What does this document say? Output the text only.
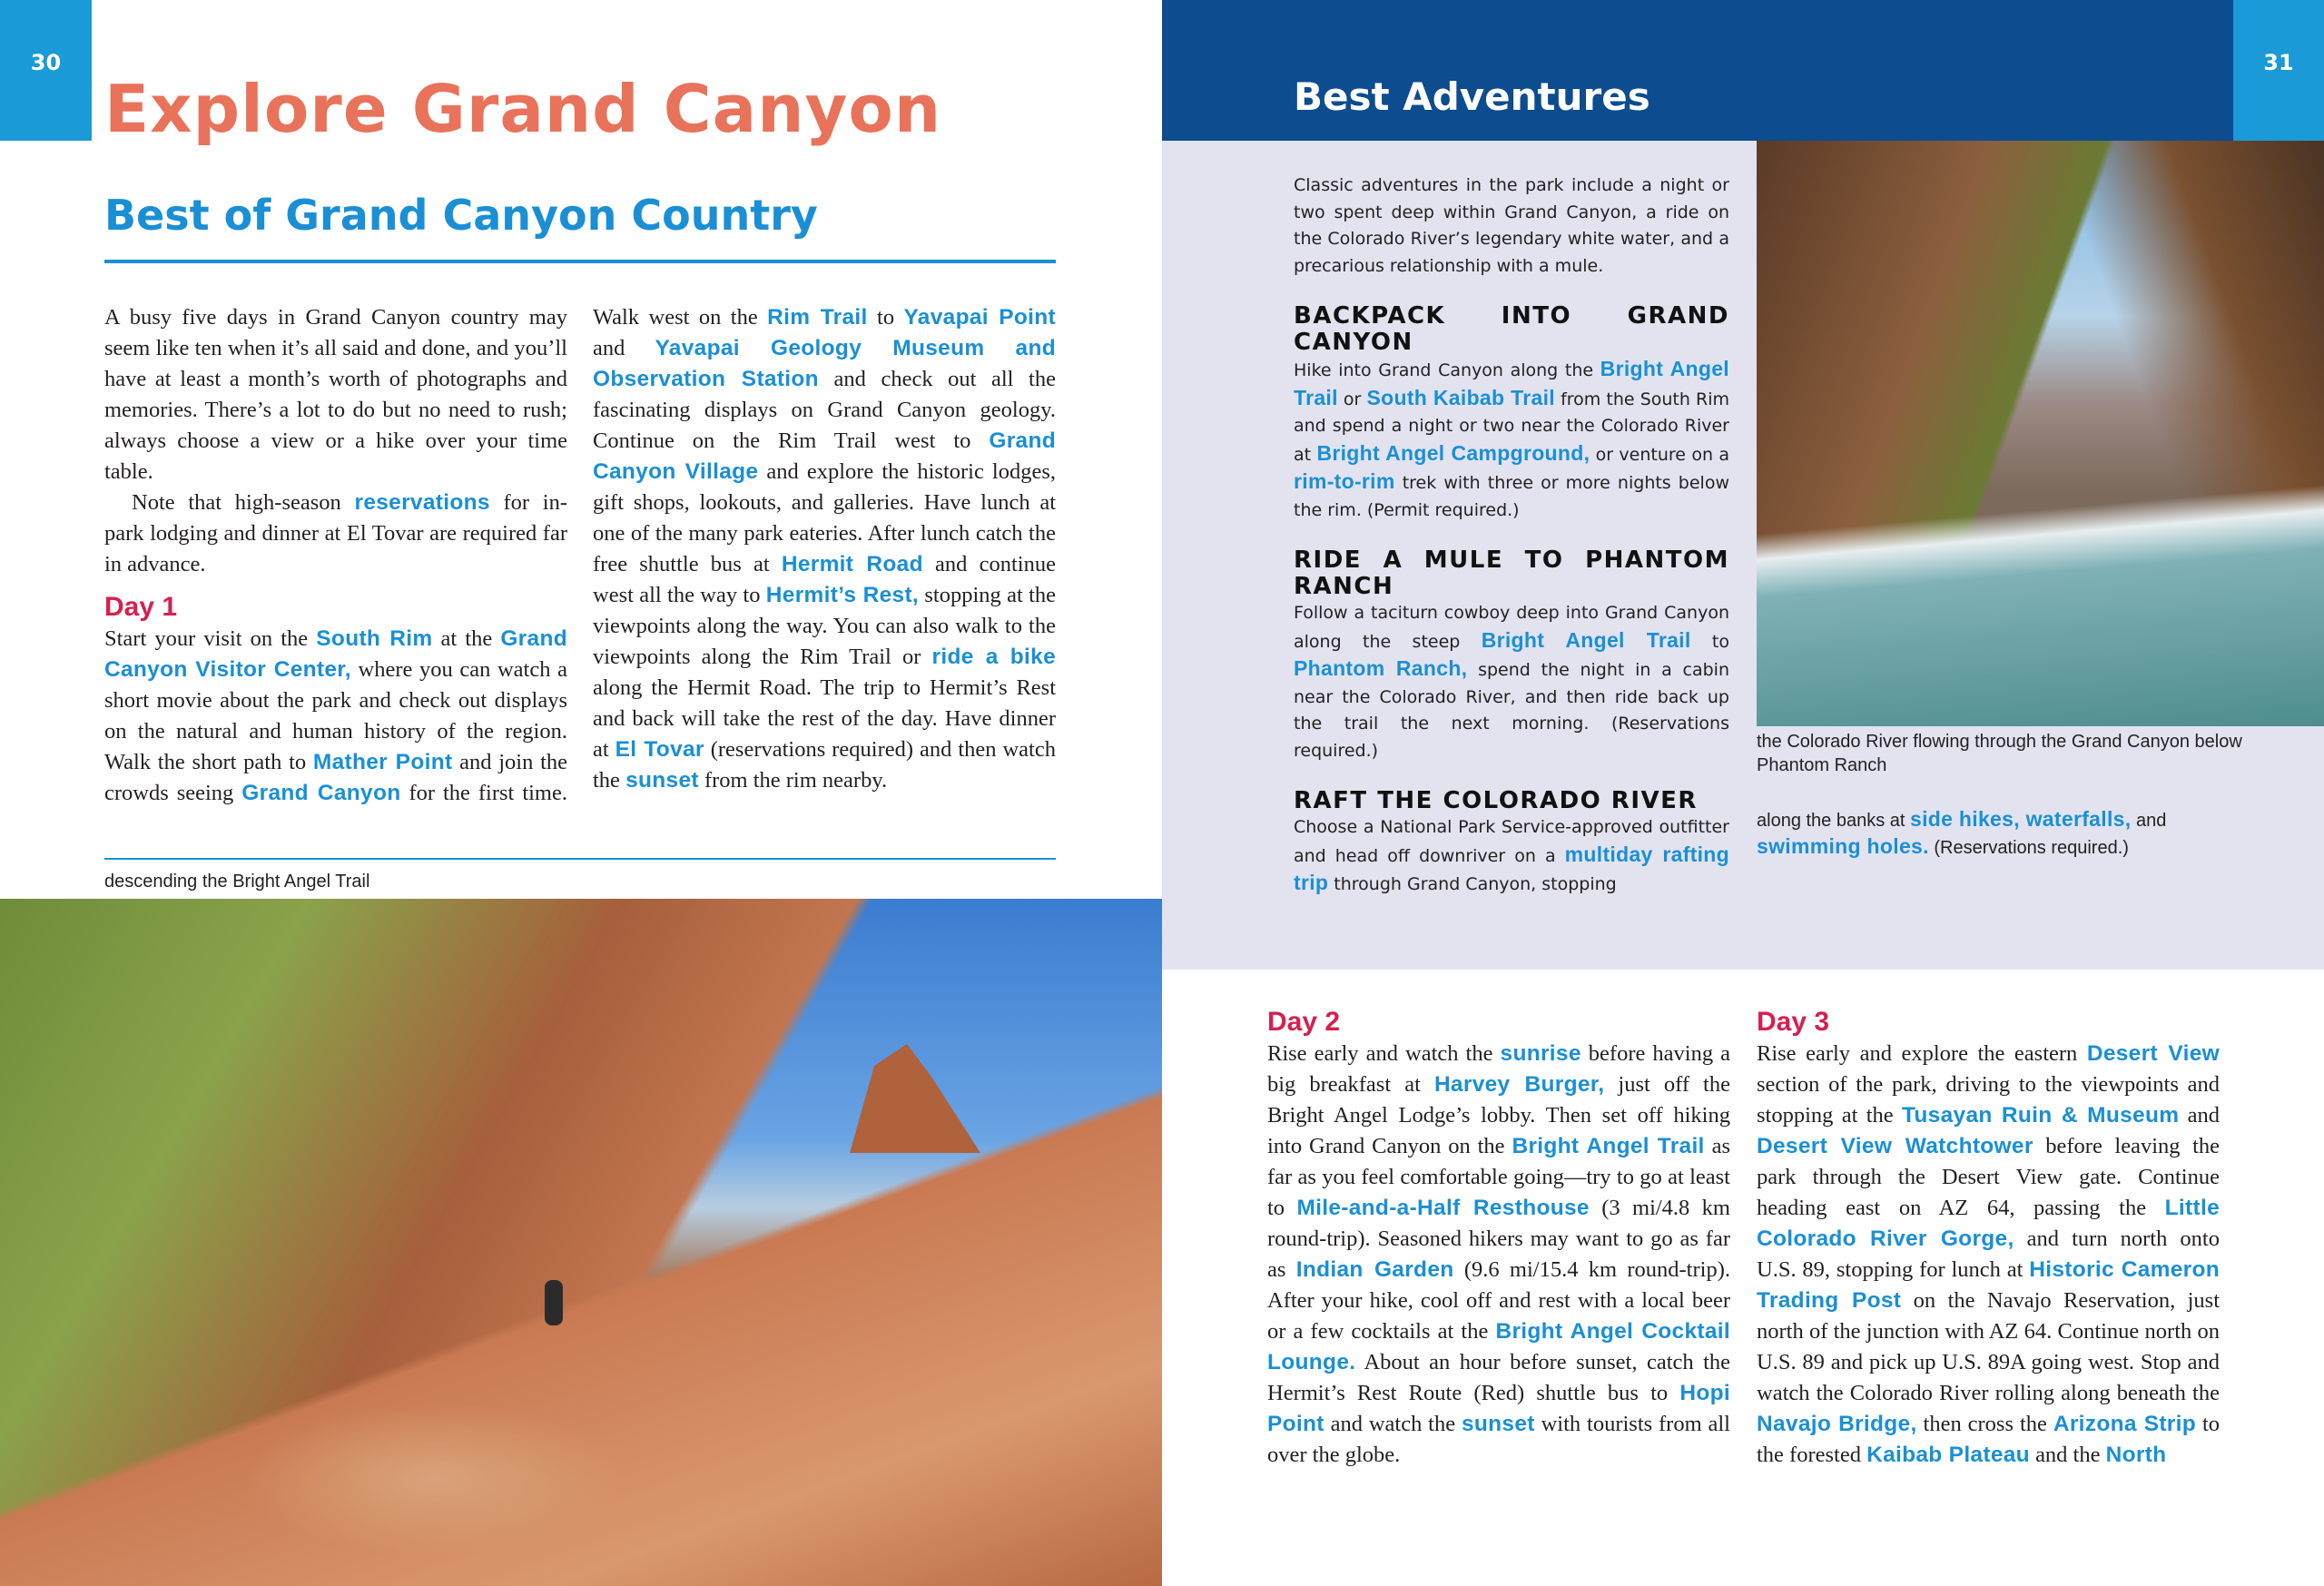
30
Explore Grand Canyon
Best of Grand Canyon Country

A busy five days in Grand Canyon country may seem like ten when it’s all said and done, and you’ll have at least a month’s worth of photographs and memories. There’s a lot to do but no need to rush; always choose a view or a hike over your time table.

Note that high-season reservations for in-park lodging and dinner at El Tovar are required far in advance.

Day 1

Start your visit on the South Rim at the Grand Canyon Visitor Center, where you can watch a short movie about the park and check out displays on the natural and human history of the region. Walk the short path to Mather Point and join the crowds seeing Grand Canyon for the first time. Walk west on the Rim Trail to Yavapai Point and Yavapai Geology Museum and Observation Station and check out all the fascinating displays on Grand Canyon geology. Continue on the Rim Trail west to Grand Canyon Village and explore the historic lodges, gift shops, lookouts, and galleries. Have lunch at one of the many park eateries. After lunch catch the free shuttle bus at Hermit Road and continue west all the way to Hermit’s Rest, stopping at the viewpoints along the way. You can also walk to the viewpoints along the Rim Trail or ride a bike along the Hermit Road. The trip to Hermit’s Rest and back will take the rest of the day. Have dinner at El Tovar (reservations required) and then watch the sunset from the rim nearby.

descending the Bright Angel Trail
31
Best Adventures

Classic adventures in the park include a night or two spent deep within Grand Canyon, a ride on the Colorado River’s legendary white water, and a precarious relationship with a mule.

BACKPACK INTO GRAND CANYON

Hike into Grand Canyon along the Bright Angel Trail or South Kaibab Trail from the South Rim and spend a night or two near the Colorado River at Bright Angel Campground, or venture on a rim-to-rim trek with three or more nights below the rim. (Permit required.)

RIDE A MULE TO PHANTOM RANCH

Follow a taciturn cowboy deep into Grand Canyon along the steep Bright Angel Trail to Phantom Ranch, spend the night in a cabin near the Colorado River, and then ride back up the trail the next morning. (Reservations required.)

RAFT THE COLORADO RIVER

Choose a National Park Service-approved outfitter and head off downriver on a multiday rafting trip through Grand Canyon, stopping

the Colorado River flowing through the Grand Canyon below Phantom Ranch
along the banks at side hikes, waterfalls, and swimming holes. (Reservations required.)
Day 2

Rise early and watch the sunrise before having a big breakfast at Harvey Burger, just off the Bright Angel Lodge’s lobby. Then set off hiking into Grand Canyon on the Bright Angel Trail as far as you feel comfortable going—try to go at least to Mile-and-a-Half Resthouse (3 mi/4.8 km round-trip). Seasoned hikers may want to go as far as Indian Garden (9.6 mi/15.4 km round-trip). After your hike, cool off and rest with a local beer or a few cocktails at the Bright Angel Cocktail Lounge. About an hour before sunset, catch the Hermit’s Rest Route (Red) shuttle bus to Hopi Point and watch the sunset with tourists from all over the globe.

Day 3

Rise early and explore the eastern Desert View section of the park, driving to the viewpoints and stopping at the Tusayan Ruin & Museum and Desert View Watchtower before leaving the park through the Desert View gate. Continue heading east on AZ 64, passing the Little Colorado River Gorge, and turn north onto U.S. 89, stopping for lunch at Historic Cameron Trading Post on the Navajo Reservation, just north of the junction with AZ 64. Continue north on U.S. 89 and pick up U.S. 89A going west. Stop and watch the Colorado River rolling along beneath the Navajo Bridge, then cross the Arizona Strip to the forested Kaibab Plateau and the North
